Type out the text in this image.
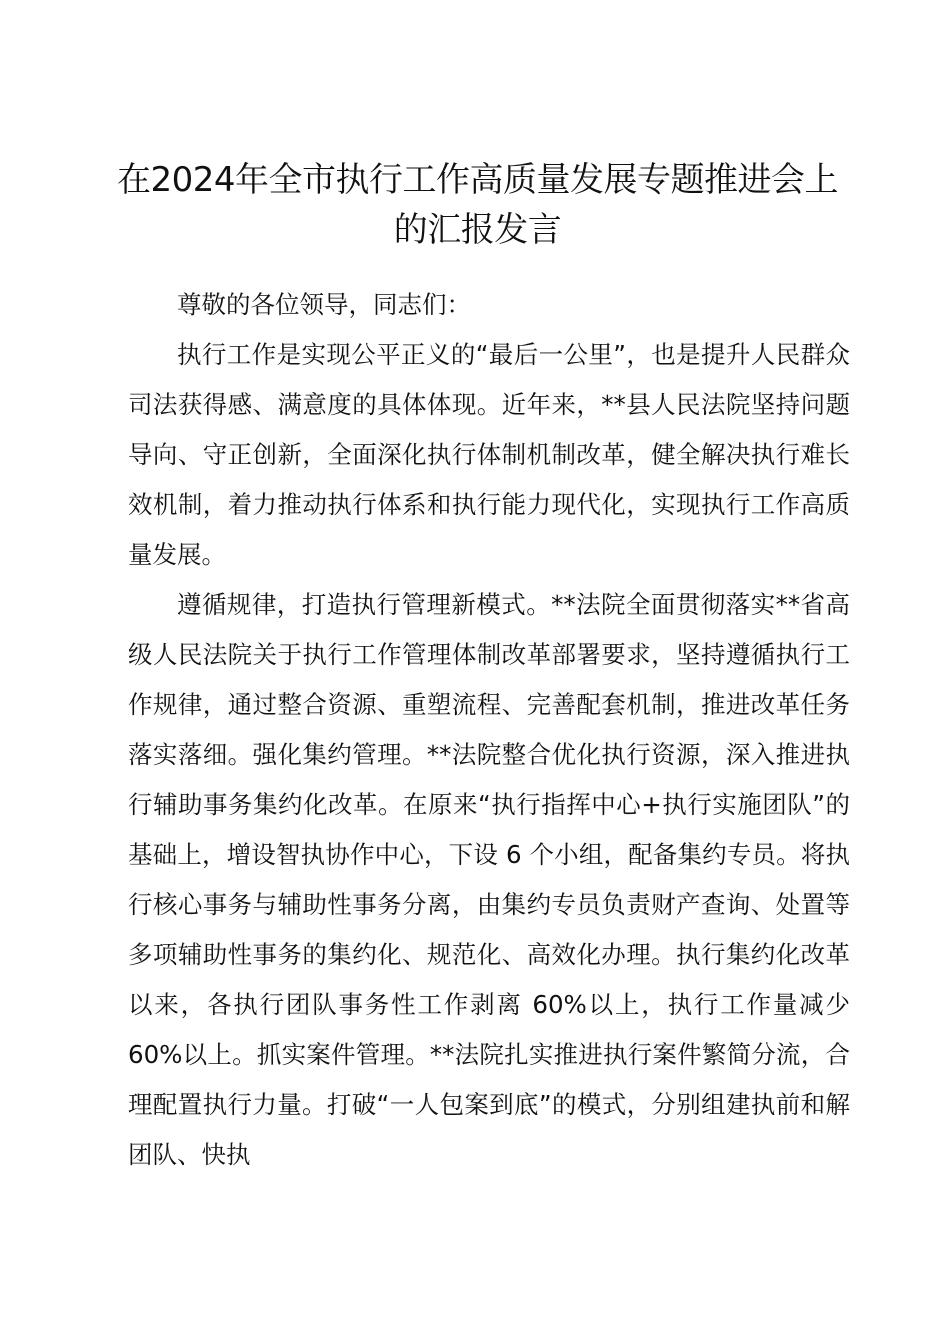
在2024年全市执行工作高质量发展专题推进会上的汇报发言

尊敬的各位领导，同志们：

执行工作是实现公平正义的“最后一公里”，也是提升人民群众司法获得感、满意度的具体体现。近年来，**县人民法院坚持问题导向、守正创新，全面深化执行体制机制改革，健全解决执行难长效机制，着力推动执行体系和执行能力现代化，实现执行工作高质量发展。

遵循规律，打造执行管理新模式。**法院全面贯彻落实**省高级人民法院关于执行工作管理体制改革部署要求，坚持遵循执行工作规律，通过整合资源、重塑流程、完善配套机制，推进改革任务落实落细。强化集约管理。**法院整合优化执行资源，深入推进执行辅助事务集约化改革。在原来“执行指挥中心+执行实施团队”的基础上，增设智执协作中心，下设 6 个小组，配备集约专员。将执行核心事务与辅助性事务分离，由集约专员负责财产查询、处置等多项辅助性事务的集约化、规范化、高效化办理。执行集约化改革以来，各执行团队事务性工作剥离 60%以上，执行工作量减少 60%以上。抓实案件管理。**法院扎实推进执行案件繁简分流，合理配置执行力量。打破“一人包案到底”的模式，分别组建执前和解团队、快执
